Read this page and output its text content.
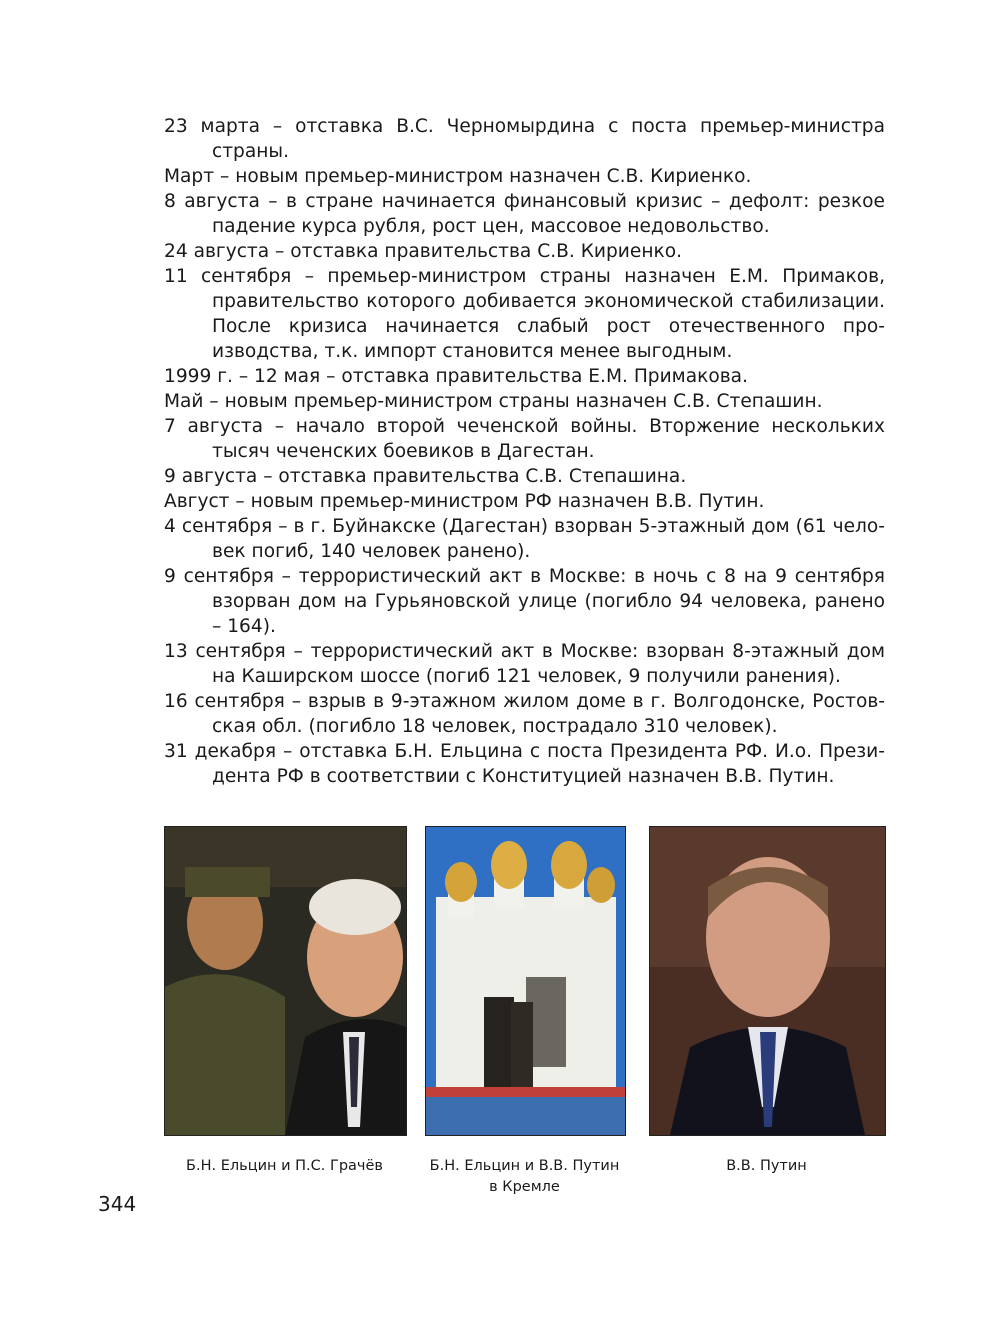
23 марта – отставка В.С. Черномырдина с поста премьер-министра страны.

Март – новым премьер-министром назначен С.В. Кириенко.

8 августа – в стране начинается финансовый кризис – дефолт: резкое падение курса рубля, рост цен, массовое недовольство.

24 августа – отставка правительства С.В. Кириенко.

11 сентября – премьер-министром страны назначен Е.М. Примаков, правительство которого добивается экономической стабилизации. После кризиса начинается слабый рост отечественного производства, т.к. импорт становится менее выгодным.

1999 г. – 12 мая – отставка правительства Е.М. Примакова.

Май – новым премьер-министром страны назначен С.В. Степашин.

7 августа – начало второй чеченской войны. Вторжение нескольких тысяч чеченских боевиков в Дагестан.

9 августа – отставка правительства С.В. Степашина.

Август – новым премьер-министром РФ назначен В.В. Путин.

4 сентября – в г. Буйнакске (Дагестан) взорван 5-этажный дом (61 человек погиб, 140 человек ранено).

9 сентября – террористический акт в Москве: в ночь с 8 на 9 сентября взорван дом на Гурьяновской улице (погибло 94 человека, ранено – 164).

13 сентября – террористический акт в Москве: взорван 8-этажный дом на Каширском шоссе (погиб 121 человек, 9 получили ранения).

16 сентября – взрыв в 9-этажном жилом доме в г. Волгодонске, Ростовская обл. (погибло 18 человек, пострадало 310 человек).

31 декабря – отставка Б.Н. Ельцина с поста Президента РФ. И.о. Президента РФ в соответствии с Конституцией назначен В.В. Путин.

Б.Н. Ельцин и П.С. Грачёв	Б.Н. Ельцин и В.В. Путин
в Кремле
В.В. Путин
344
